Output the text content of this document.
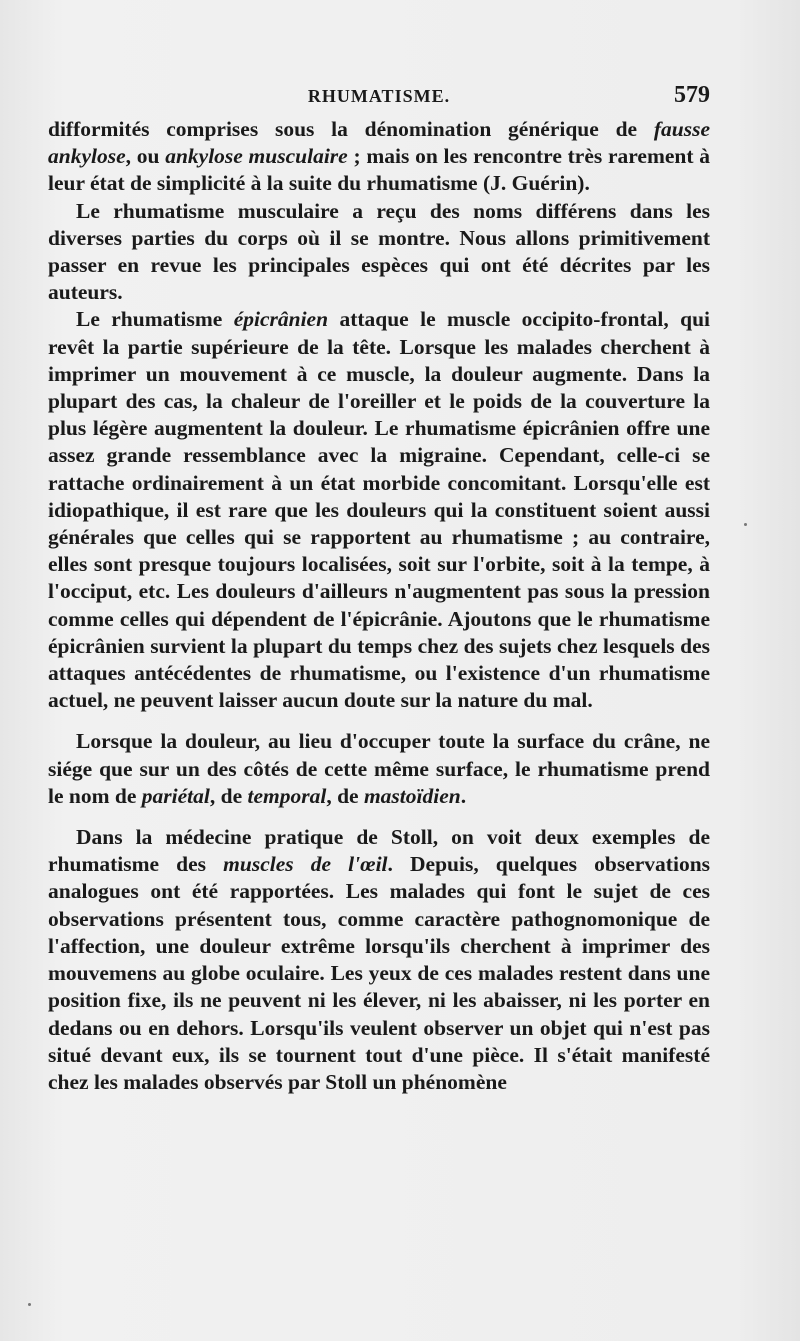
RHUMATISME.	579

difformités comprises sous la dénomination générique de fausse ankylose, ou ankylose musculaire ; mais on les rencontre très rarement à leur état de simplicité à la suite du rhumatisme (J. Guérin).

Le rhumatisme musculaire a reçu des noms différens dans les diverses parties du corps où il se montre. Nous allons primitivement passer en revue les principales espèces qui ont été décrites par les auteurs.

Le rhumatisme épicrânien attaque le muscle occipito-frontal, qui revêt la partie supérieure de la tête. Lorsque les malades cherchent à imprimer un mouvement à ce muscle, la douleur augmente. Dans la plupart des cas, la chaleur de l'oreiller et le poids de la couverture la plus légère augmentent la douleur. Le rhumatisme épicrânien offre une assez grande ressemblance avec la migraine. Cependant, celle-ci se rattache ordinairement à un état morbide concomitant. Lorsqu'elle est idiopathique, il est rare que les douleurs qui la constituent soient aussi générales que celles qui se rapportent au rhumatisme ; au contraire, elles sont presque toujours localisées, soit sur l'orbite, soit à la tempe, à l'occiput, etc. Les douleurs d'ailleurs n'augmentent pas sous la pression comme celles qui dépendent de l'épicrânie. Ajoutons que le rhumatisme épicrânien survient la plupart du temps chez des sujets chez lesquels des attaques antécédentes de rhumatisme, ou l'existence d'un rhumatisme actuel, ne peuvent laisser aucun doute sur la nature du mal.

Lorsque la douleur, au lieu d'occuper toute la surface du crâne, ne siége que sur un des côtés de cette même surface, le rhumatisme prend le nom de pariétal, de temporal, de mastoïdien.

Dans la médecine pratique de Stoll, on voit deux exemples de rhumatisme des muscles de l'œil. Depuis, quelques observations analogues ont été rapportées. Les malades qui font le sujet de ces observations présentent tous, comme caractère pathognomonique de l'affection, une douleur extrême lorsqu'ils cherchent à imprimer des mouvemens au globe oculaire. Les yeux de ces malades restent dans une position fixe, ils ne peuvent ni les élever, ni les abaisser, ni les porter en dedans ou en dehors. Lorsqu'ils veulent observer un objet qui n'est pas situé devant eux, ils se tournent tout d'une pièce. Il s'était manifesté chez les malades observés par Stoll un phénomène
